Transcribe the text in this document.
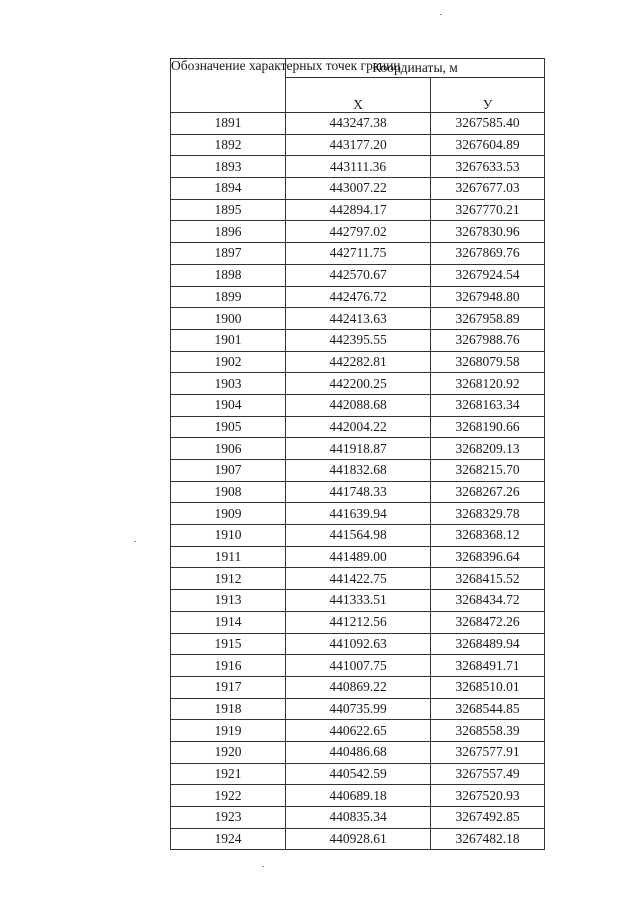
Обозначение характерных точек границ	Координаты, м	
	X	У
1891	443247.38	3267585.40
1892	443177.20	3267604.89
1893	443111.36	3267633.53
1894	443007.22	3267677.03
1895	442894.17	3267770.21
1896	442797.02	3267830.96
1897	442711.75	3267869.76
1898	442570.67	3267924.54
1899	442476.72	3267948.80
1900	442413.63	3267958.89
1901	442395.55	3267988.76
1902	442282.81	3268079.58
1903	442200.25	3268120.92
1904	442088.68	3268163.34
1905	442004.22	3268190.66
1906	441918.87	3268209.13
1907	441832.68	3268215.70
1908	441748.33	3268267.26
1909	441639.94	3268329.78
1910	441564.98	3268368.12
1911	441489.00	3268396.64
1912	441422.75	3268415.52
1913	441333.51	3268434.72
1914	441212.56	3268472.26
1915	441092.63	3268489.94
1916	441007.75	3268491.71
1917	440869.22	3268510.01
1918	440735.99	3268544.85
1919	440622.65	3268558.39
1920	440486.68	3267577.91
1921	440542.59	3267557.49
1922	440689.18	3267520.93
1923	440835.34	3267492.85
1924	440928.61	3267482.18
